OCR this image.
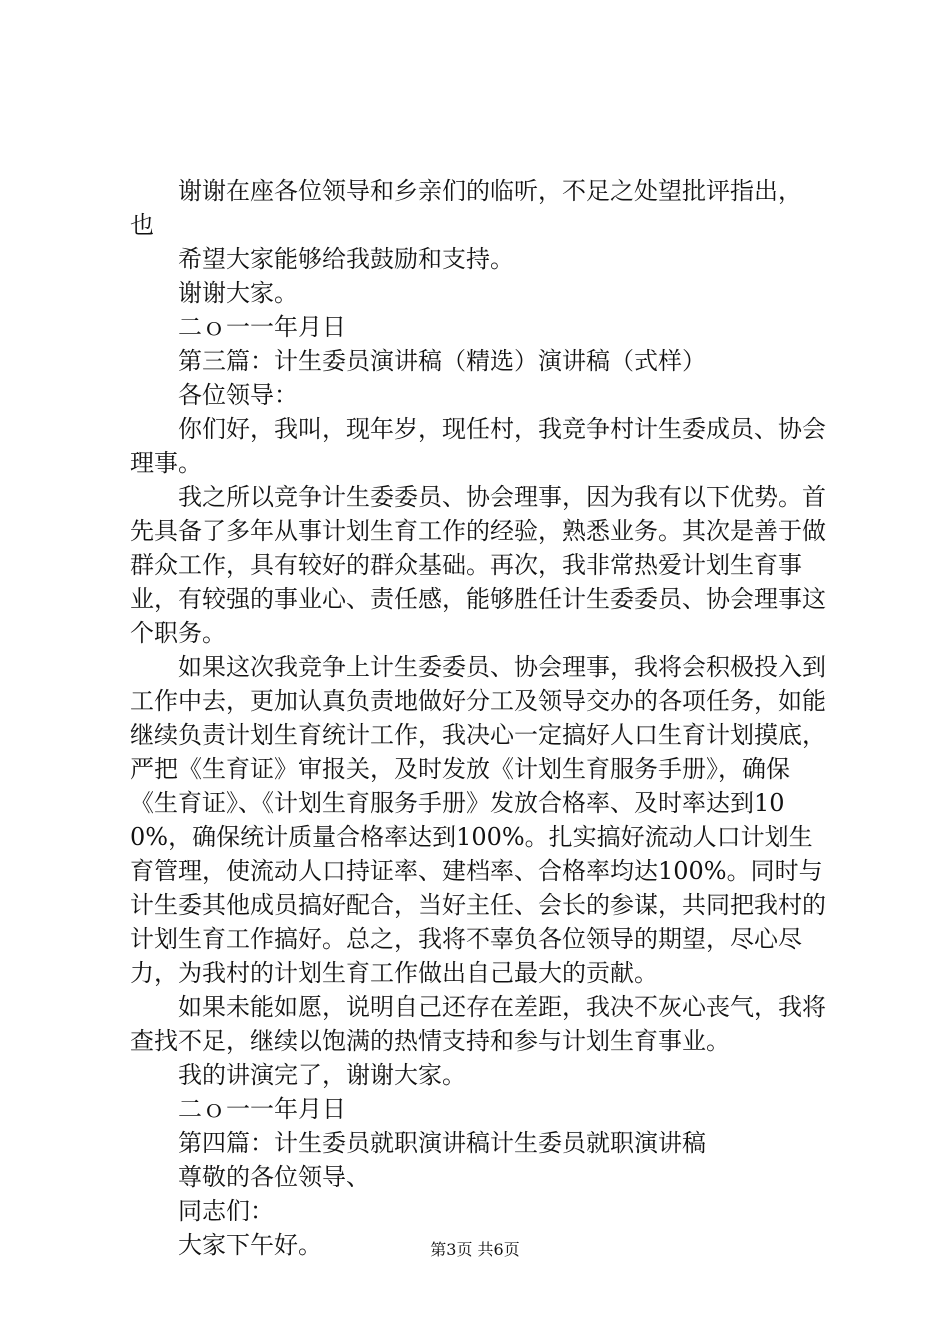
谢谢在座各位领导和乡亲们的临听，不足之处望批评指出，

也

希望大家能够给我鼓励和支持。

谢谢大家。

二ｏ一一年月日

第三篇：计生委员演讲稿（精选）演讲稿（式样）

各位领导：

你们好，我叫，现年岁，现任村，我竞争村计生委成员、协会理事。

我之所以竞争计生委委员、协会理事，因为我有以下优势。首先具备了多年从事计划生育工作的经验，熟悉业务。其次是善于做群众工作，具有较好的群众基础。再次，我非常热爱计划生育事业，有较强的事业心、责任感，能够胜任计生委委员、协会理事这个职务。

如果这次我竞争上计生委委员、协会理事，我将会积极投入到工作中去，更加认真负责地做好分工及领导交办的各项任务，如能继续负责计划生育统计工作，我决心一定搞好人口生育计划摸底，严把《生育证》审报关，及时发放《计划生育服务手册》，确保《生育证》、《计划生育服务手册》发放合格率、及时率达到100%，确保统计质量合格率达到100%。扎实搞好流动人口计划生育管理，使流动人口持证率、建档率、合格率均达100%。同时与计生委其他成员搞好配合，当好主任、会长的参谋，共同把我村的计划生育工作搞好。总之，我将不辜负各位领导的期望，尽心尽力，为我村的计划生育工作做出自己最大的贡献。

如果未能如愿，说明自己还存在差距，我决不灰心丧气，我将查找不足，继续以饱满的热情支持和参与计划生育事业。

我的讲演完了，谢谢大家。

二ｏ一一年月日

第四篇：计生委员就职演讲稿计生委员就职演讲稿

尊敬的各位领导、

同志们：

大家下午好。	第3页 共6页
